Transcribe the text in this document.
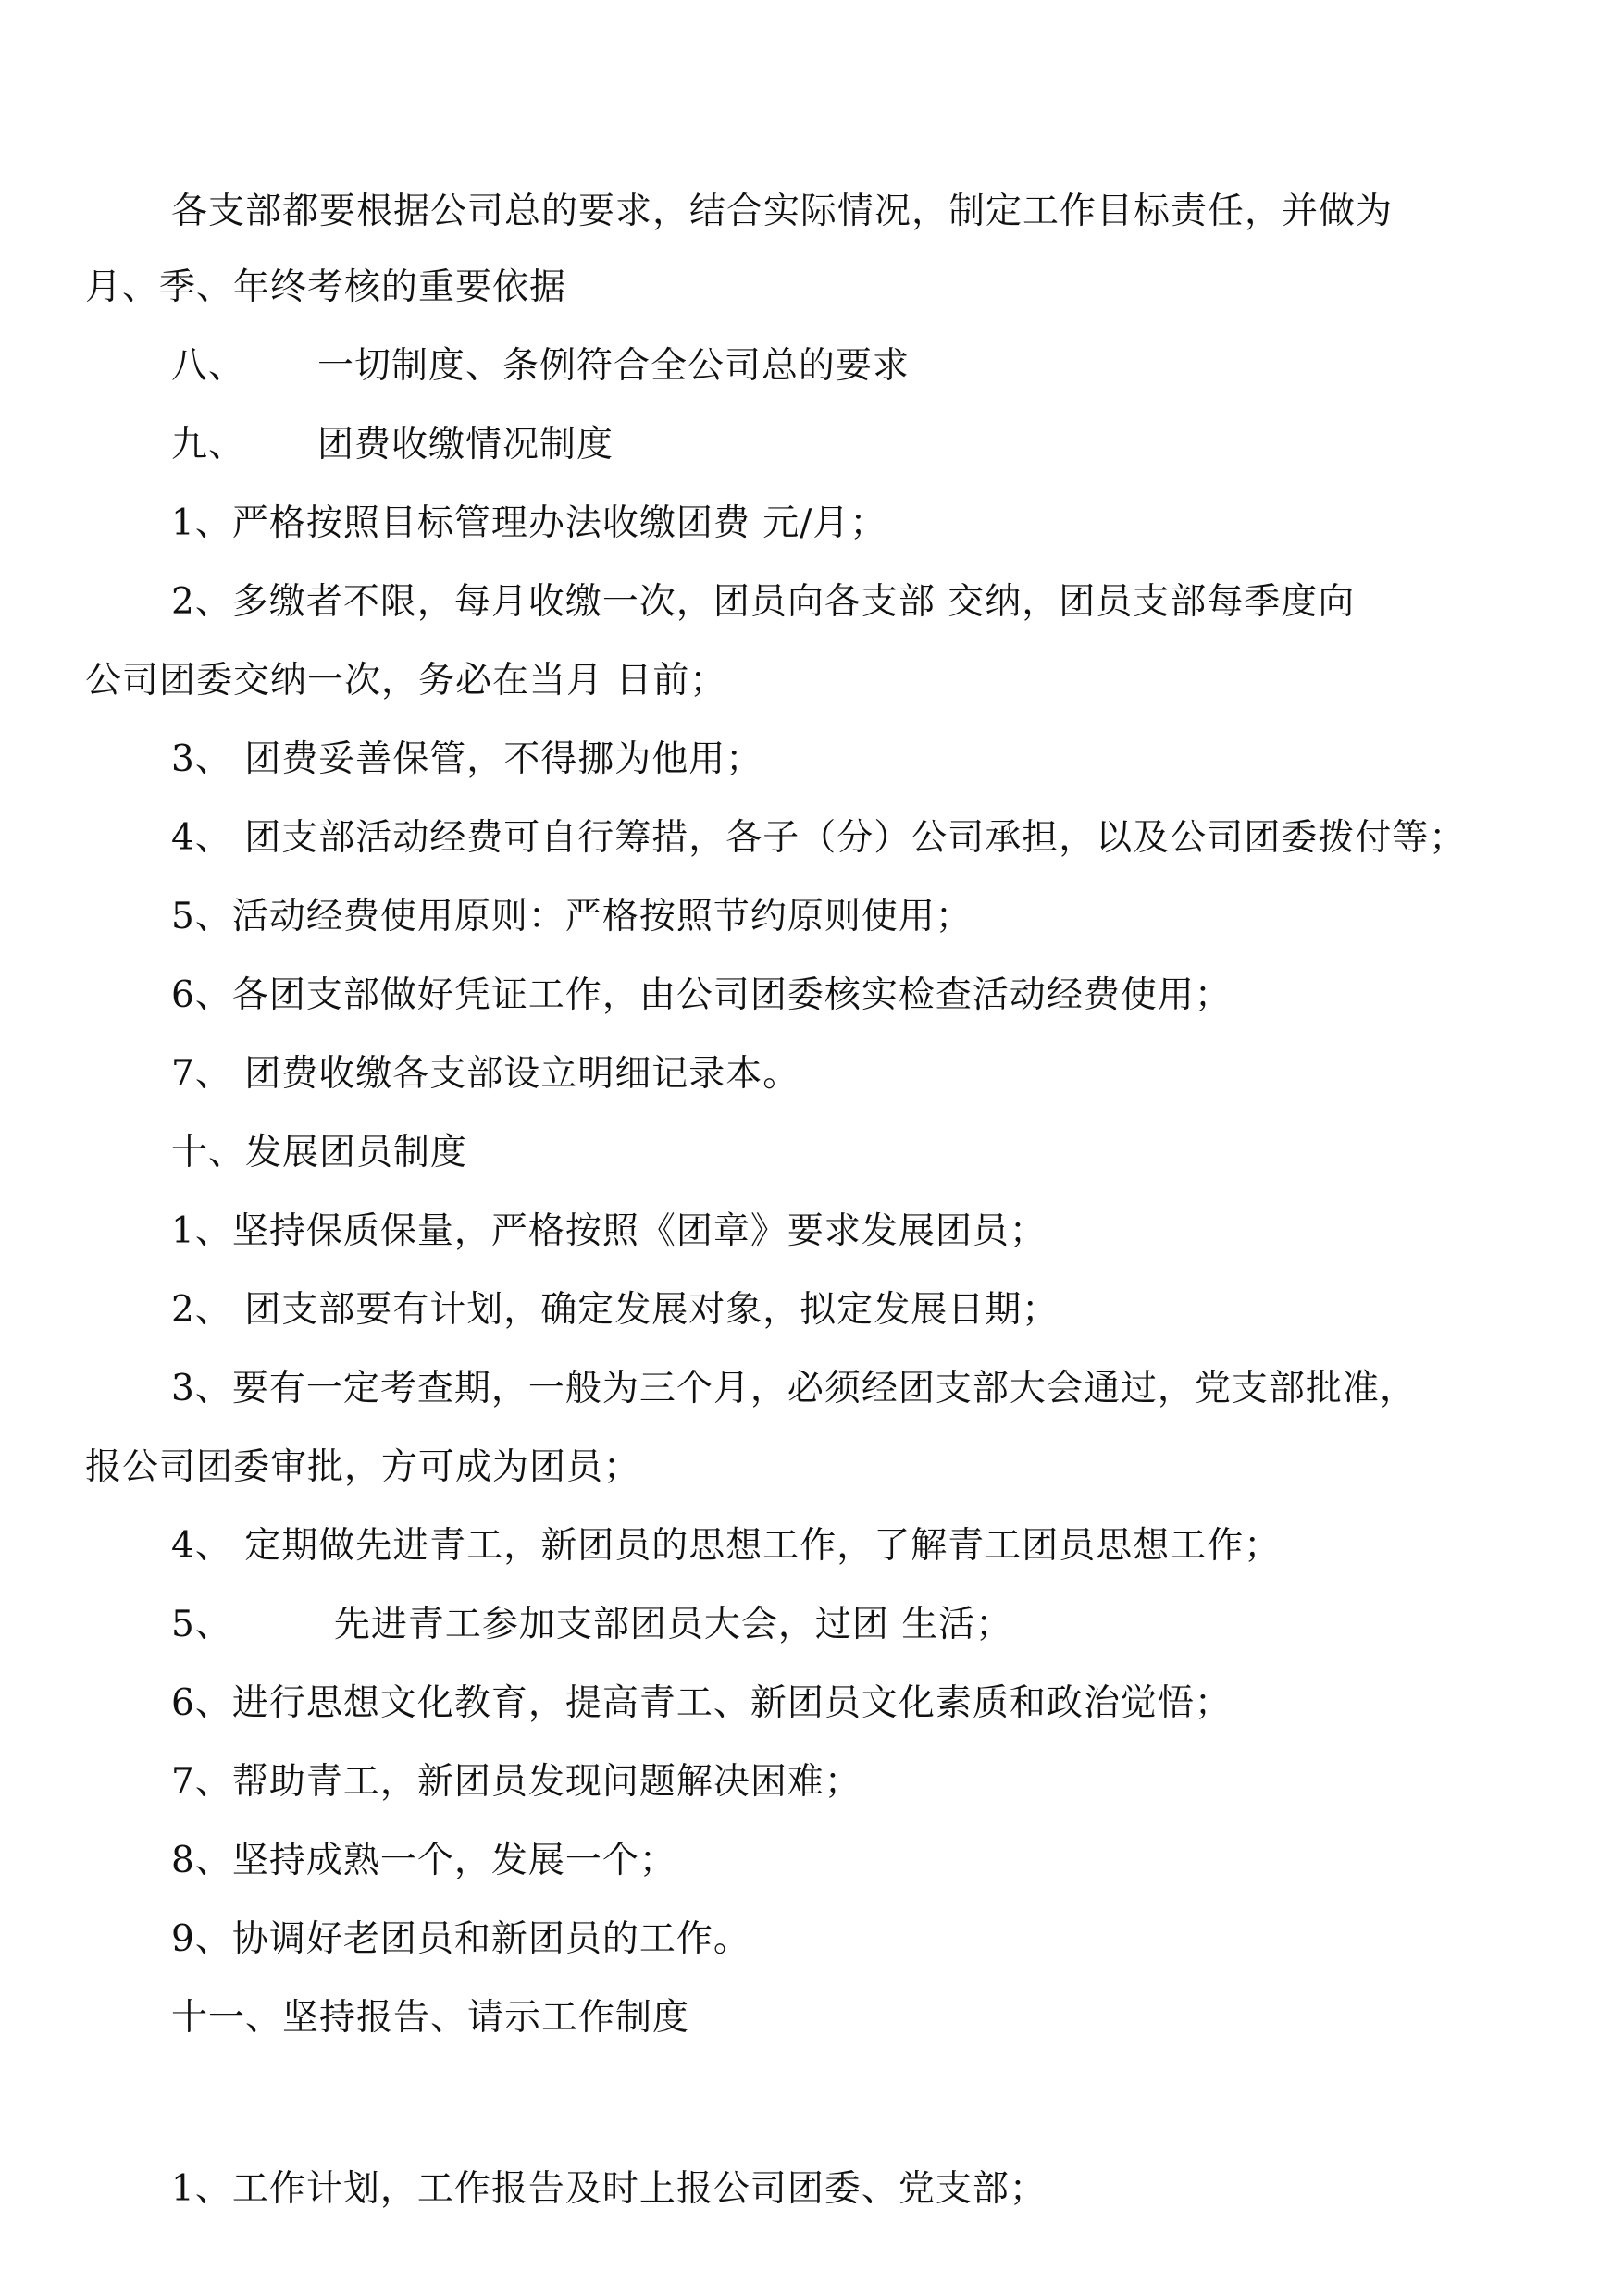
各支部都要根据公司总的要求，结合实际情况，制定工作目标责任，并做为
月、季、年终考核的重要依据
八、 一切制度、条例符合全公司总的要求
九、 团费收缴情况制度
1、严格按照目标管理办法收缴团费 元/月；
2、多缴者不限，每月收缴一次，团员向各支部 交纳，团员支部每季度向
公司团委交纳一次，务必在当月 日前；
3、 团费妥善保管，不得挪为他用；
4、 团支部活动经费可自行筹措，各子（分）公司承担，以及公司团委拨付等；
5、活动经费使用原则：严格按照节约原则使用；
6、各团支部做好凭证工作，由公司团委核实检查活动经费使用；
7、 团费收缴各支部设立明细记录本。
十、发展团员制度
1、坚持保质保量，严格按照《团章》要求发展团员；
2、 团支部要有计划，确定发展对象，拟定发展日期；
3、要有一定考查期，一般为三个月，必须经团支部大会通过，党支部批准，
报公司团委审批，方可成为团员；
4、 定期做先进青工，新团员的思想工作，了解青工团员思想工作；
5、	先进青工参加支部团员大会，过团 生活；
6、进行思想文化教育，提高青工、新团员文化素质和政治觉悟；
7、帮助青工，新团员发现问题解决困难；
8、坚持成熟一个，发展一个；
9、协调好老团员和新团员的工作。
十一、坚持报告、请示工作制度
1、工作计划，工作报告及时上报公司团委、党支部；
